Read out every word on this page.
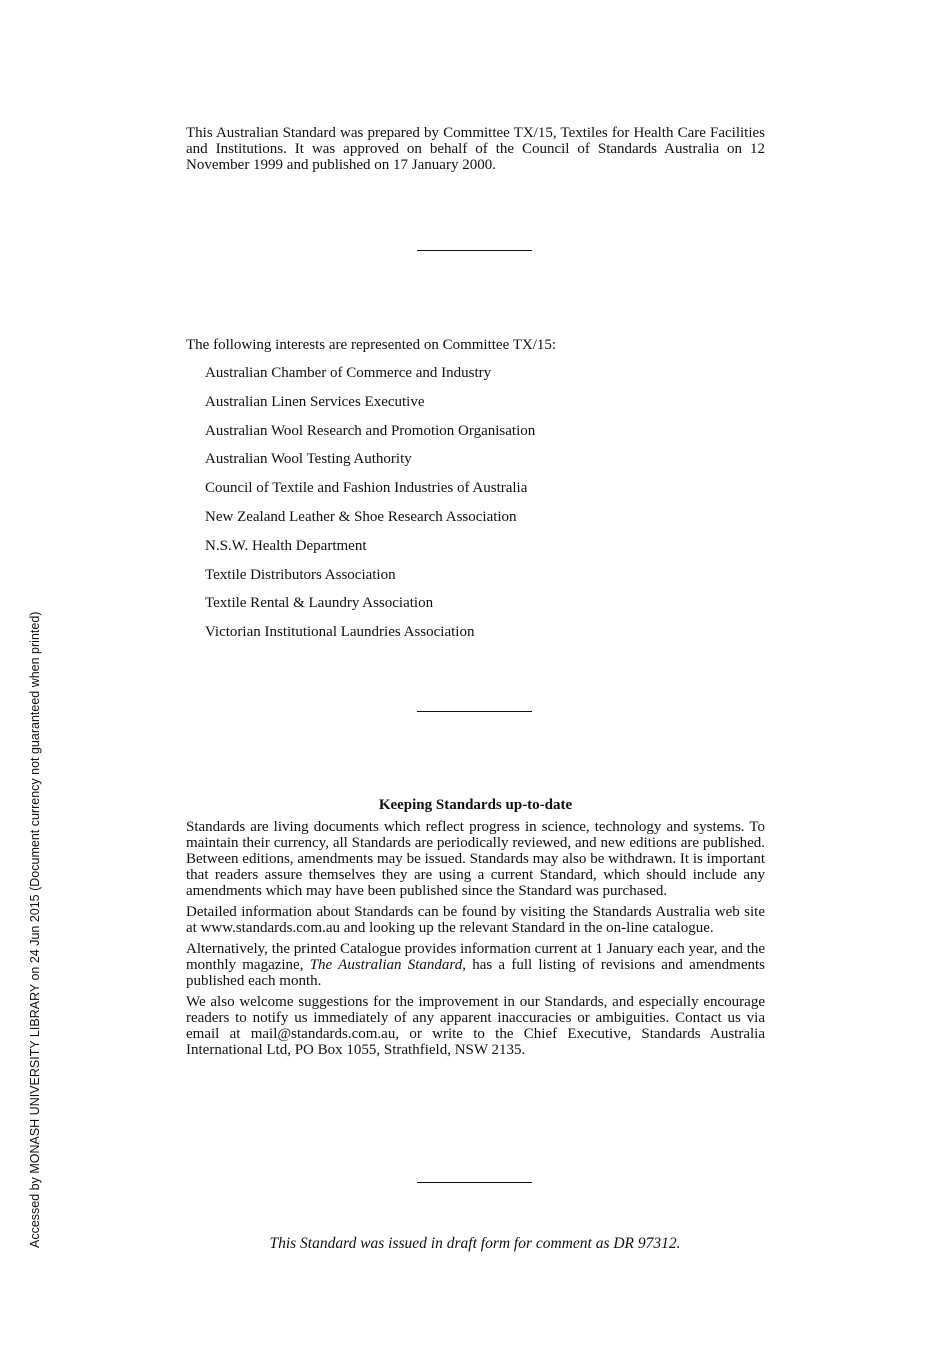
Accessed by MONASH UNIVERSITY LIBRARY on 24 Jun 2015 (Document currency not guaranteed when printed)

This Australian Standard was prepared by Committee TX/15, Textiles for Health Care Facilities and Institutions. It was approved on behalf of the Council of Standards Australia on 12 November 1999 and published on 17 January 2000.

The following interests are represented on Committee TX/15:
Australian Chamber of Commerce and Industry
Australian Linen Services Executive
Australian Wool Research and Promotion Organisation
Australian Wool Testing Authority
Council of Textile and Fashion Industries of Australia
New Zealand Leather & Shoe Research Association
N.S.W. Health Department
Textile Distributors Association
Textile Rental & Laundry Association
Victorian Institutional Laundries Association
Keeping Standards up-to-date

Standards are living documents which reflect progress in science, technology and systems. To maintain their currency, all Standards are periodically reviewed, and new editions are published. Between editions, amendments may be issued. Standards may also be withdrawn. It is important that readers assure themselves they are using a current Standard, which should include any amendments which may have been published since the Standard was purchased.

Detailed information about Standards can be found by visiting the Standards Australia web site at www.standards.com.au and looking up the relevant Standard in the on-line catalogue.

Alternatively, the printed Catalogue provides information current at 1 January each year, and the monthly magazine, The Australian Standard, has a full listing of revisions and amendments published each month.

We also welcome suggestions for the improvement in our Standards, and especially encourage readers to notify us immediately of any apparent inaccuracies or ambiguities. Contact us via email at mail@standards.com.au, or write to the Chief Executive, Standards Australia International Ltd, PO Box 1055, Strathfield, NSW 2135.

This Standard was issued in draft form for comment as DR 97312.
